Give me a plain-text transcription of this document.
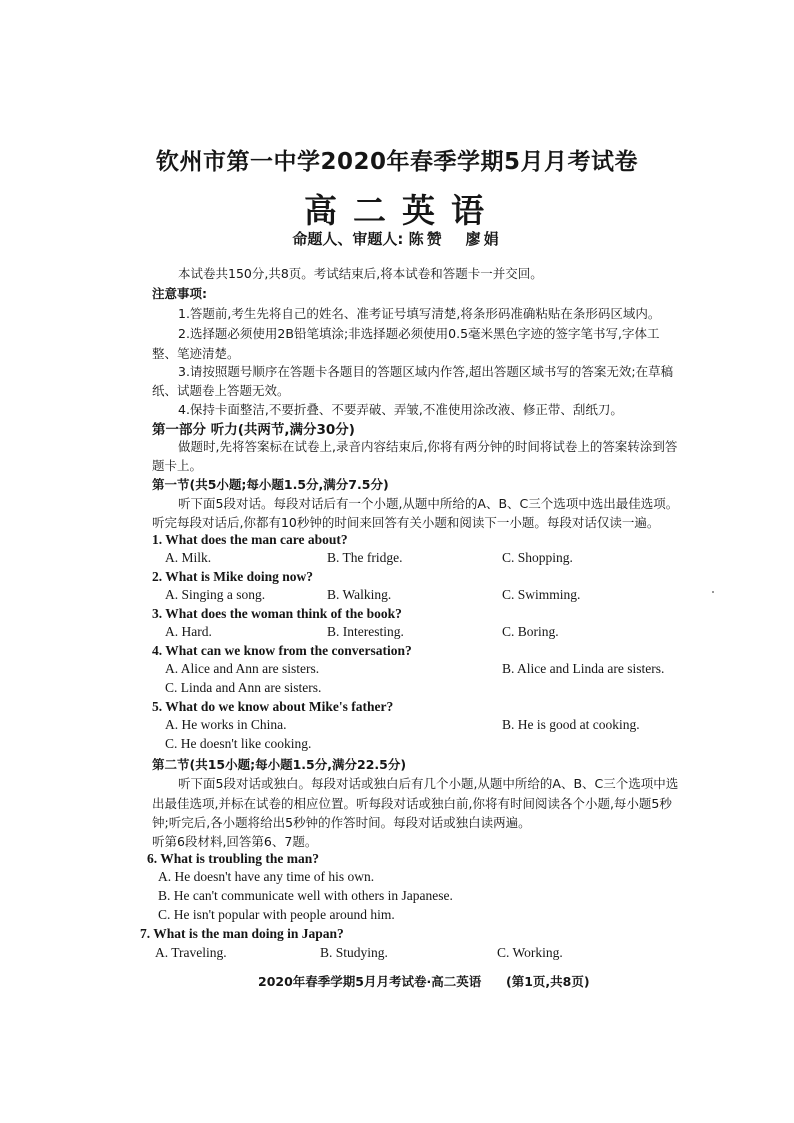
钦州市第一中学2020年春季学期5月月考试卷
高二英语
命题人、审题人: 陈赞 廖娟
本试卷共150分,共8页。考试结束后,将本试卷和答题卡一并交回。
注意事项:
1.答题前,考生先将自己的姓名、准考证号填写清楚,将条形码准确粘贴在条形码区域内。
2.选择题必须使用2B铅笔填涂;非选择题必须使用0.5毫米黑色字迹的签字笔书写,字体工
整、笔迹清楚。
3.请按照题号顺序在答题卡各题目的答题区域内作答,超出答题区域书写的答案无效;在草稿
纸、试题卷上答题无效。
4.保持卡面整洁,不要折叠、不要弄破、弄皱,不准使用涂改液、修正带、刮纸刀。
第一部分 听力(共两节,满分30分)
做题时,先将答案标在试卷上,录音内容结束后,你将有两分钟的时间将试卷上的答案转涂到答
题卡上。
第一节(共5小题;每小题1.5分,满分7.5分)
听下面5段对话。每段对话后有一个小题,从题中所给的A、B、C三个选项中选出最佳选项。
听完每段对话后,你都有10秒钟的时间来回答有关小题和阅读下一小题。每段对话仅读一遍。
1. What does the man care about?
A. Milk.	B. The fridge.	C. Shopping.
2. What is Mike doing now?
A. Singing a song.	B. Walking.	C. Swimming.
3. What does the woman think of the book?
A. Hard.	B. Interesting.	C. Boring.
4. What can we know from the conversation?
A. Alice and Ann are sisters.	B. Alice and Linda are sisters.
C. Linda and Ann are sisters.
5. What do we know about Mike's father?
A. He works in China.	B. He is good at cooking.
C. He doesn't like cooking.
第二节(共15小题;每小题1.5分,满分22.5分)
听下面5段对话或独白。每段对话或独白后有几个小题,从题中所给的A、B、C三个选项中选
出最佳选项,并标在试卷的相应位置。听每段对话或独白前,你将有时间阅读各个小题,每小题5秒
钟;听完后,各小题将给出5秒钟的作答时间。每段对话或独白读两遍。
听第6段材料,回答第6、7题。
6. What is troubling the man?
A. He doesn't have any time of his own.
B. He can't communicate well with others in Japanese.
C. He isn't popular with people around him.
7. What is the man doing in Japan?
A. Traveling.	B. Studying.	C. Working.
2020年春季学期5月月考试卷·高二英语 (第1页,共8页)
